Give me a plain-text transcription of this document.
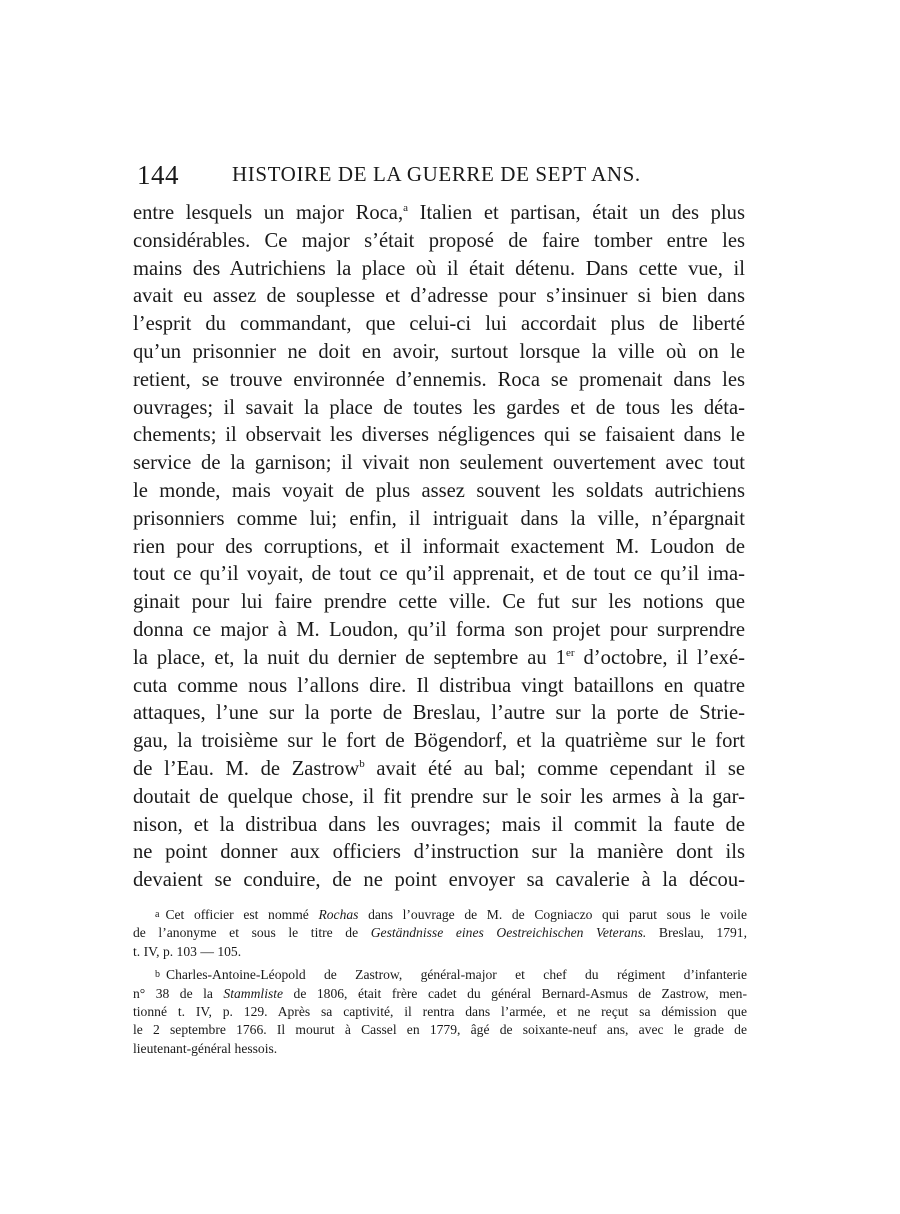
144	HISTOIRE DE LA GUERRE DE SEPT ANS.
entre lesquels un major Roca,$^a$ Italien et partisan, était un des plus
considérables. Ce major s’était proposé de faire tomber entre les
mains des Autrichiens la place où il était détenu. Dans cette vue, il
avait eu assez de souplesse et d’adresse pour s’insinuer si bien dans
l’esprit du commandant, que celui-ci lui accordait plus de liberté
qu’un prisonnier ne doit en avoir, surtout lorsque la ville où on le
retient, se trouve environnée d’ennemis. Roca se promenait dans les
ouvrages; il savait la place de toutes les gardes et de tous les déta-
chements; il observait les diverses négligences qui se faisaient dans le
service de la garnison; il vivait non seulement ouvertement avec tout
le monde, mais voyait de plus assez souvent les soldats autrichiens
prisonniers comme lui; enfin, il intriguait dans la ville, n’épargnait
rien pour des corruptions, et il informait exactement M. Loudon de
tout ce qu’il voyait, de tout ce qu’il apprenait, et de tout ce qu’il ima-
ginait pour lui faire prendre cette ville. Ce fut sur les notions que
donna ce major à M. Loudon, qu’il forma son projet pour surprendre
la place, et, la nuit du dernier de septembre au 1er d’octobre, il l’exé-
cuta comme nous l’allons dire. Il distribua vingt bataillons en quatre
attaques, l’une sur la porte de Breslau, l’autre sur la porte de Strie-
gau, la troisième sur le fort de Bögendorf, et la quatrième sur le fort
de l’Eau. M. de Zastrow$^b$ avait été au bal; comme cependant il se
doutait de quelque chose, il fit prendre sur le soir les armes à la gar-
nison, et la distribua dans les ouvrages; mais il commit la faute de
ne point donner aux officiers d’instruction sur la manière dont ils
devaient se conduire, de ne point envoyer sa cavalerie à la décou-
a Cet officier est nommé Rochas dans l’ouvrage de M. de Cogniaczo qui parut sous le voile
de l’anonyme et sous le titre de Geständnisse eines Oestreichischen Veterans. Breslau, 1791,
t. IV, p. 103 — 105.
b Charles-Antoine-Léopold de Zastrow, général-major et chef du régiment d’infanterie
n° 38 de la Stammliste de 1806, était frère cadet du général Bernard-Asmus de Zastrow, men-
tionné t. IV, p. 129. Après sa captivité, il rentra dans l’armée, et ne reçut sa démission que
le 2 septembre 1766. Il mourut à Cassel en 1779, âgé de soixante-neuf ans, avec le grade de
lieutenant-général hessois.
